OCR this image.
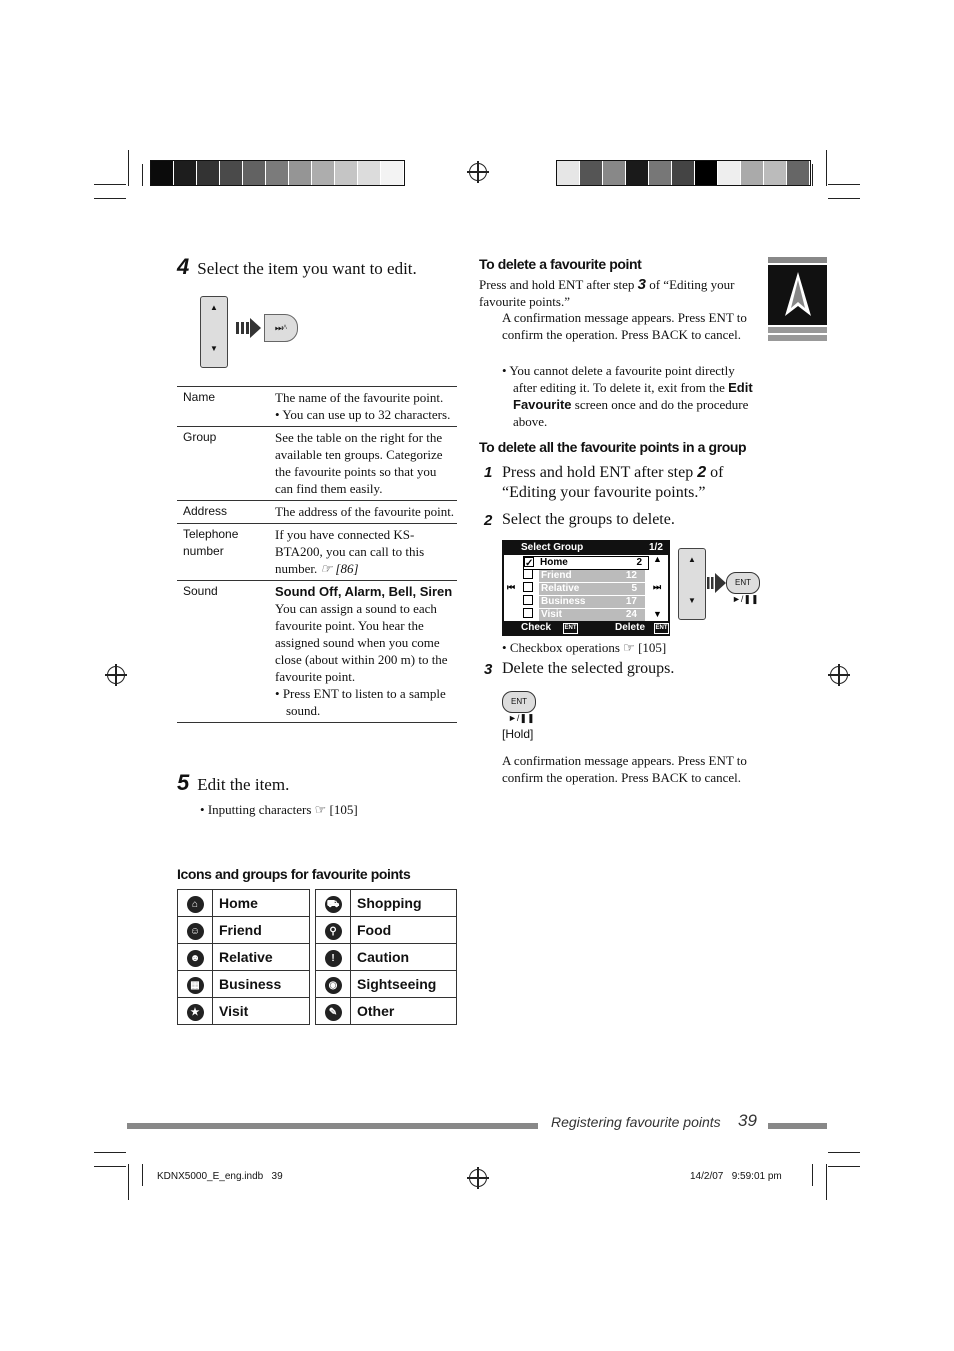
4 Select the item you want to edit.
▲
▼
⏭^
Name	The name of the favourite point.
• You can use up to 32 characters.

Group	See the table on the right for the available ten groups. Categorize the favourite points so that you can find them easily.
Address	The address of the favourite point.
Telephone number	If you have connected KS-BTA200, you can call to this number. ☞ [86]
Sound	Sound Off, Alarm, Bell, Siren
You can assign a sound to each favourite point. You hear the assigned sound when you come close (about within 200 m) to the favourite point.
• Press ENT to listen to a sample sound.
5 Edit the item.
• Inputting characters ☞ [105]
Icons and groups for favourite points
⌂	Home
☺	Friend
☻	Relative
▦	Business
★	Visit
⛟	Shopping
⚲	Food
!	Caution
◉	Sightseeing
✎	Other
To delete a favourite point
Press and hold ENT after step 3 of “Editing your favourite points.”
A confirmation message appears. Press ENT to confirm the operation. Press BACK to cancel.
• You cannot delete a favourite point directly after editing it. To delete it, exit from the Edit Favourite screen once and do the procedure above.
To delete all the favourite points in a group
1 Press and hold ENT after step 2 of “Editing your favourite points.”
2 Select the groups to delete.
Select Group	1/2
✓ Home	2
Friend	12
Relative	5
Business	17
Visit	24
⏮
▲
⏭
▼
Check ENT	Delete ENT
▲
▼
ENT
►/❚❚
• Checkbox operations ☞ [105]
3 Delete the selected groups.
ENT
►/❚❚
[Hold]
A confirmation message appears. Press ENT to confirm the operation. Press BACK to cancel.
Registering favourite points 39
KDNX5000_E_eng.indb   39	14/2/07   9:59:01 pm
